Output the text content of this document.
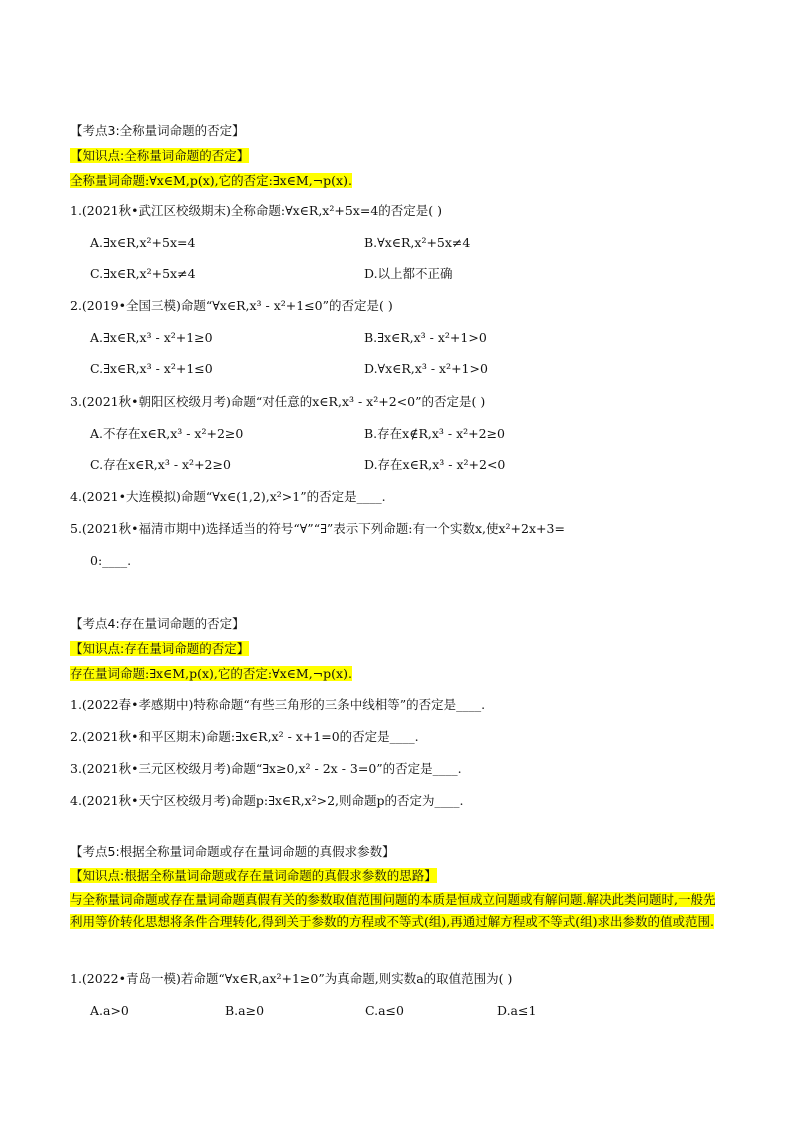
【考点3:全称量词命题的否定】
【知识点:全称量词命题的否定】
全称量词命题:∀x∈M,p(x),它的否定:∃x∈M,¬p(x).
1.(2021秋•武江区校级期末)全称命题:∀x∈R,x²+5x=4的否定是( )
A.∃x∈R,x²+5x=4	B.∀x∈R,x²+5x≠4
C.∃x∈R,x²+5x≠4	D.以上都不正确
2.(2019•全国三模)命题“∀x∈R,x³ - x²+1≤0”的否定是( )
A.∃x∈R,x³ - x²+1≥0	B.∃x∈R,x³ - x²+1>0
C.∃x∈R,x³ - x²+1≤0	D.∀x∈R,x³ - x²+1>0
3.(2021秋•朝阳区校级月考)命题“对任意的x∈R,x³ - x²+2<0”的否定是( )
A.不存在x∈R,x³ - x²+2≥0	B.存在x∉R,x³ - x²+2≥0
C.存在x∈R,x³ - x²+2≥0	D.存在x∈R,x³ - x²+2<0
4.(2021•大连模拟)命题“∀x∈(1,2),x²>1”的否定是____.
5.(2021秋•福清市期中)选择适当的符号“∀”“∃”表示下列命题:有一个实数x,使x²+2x+3=
0:____.
【考点4:存在量词命题的否定】
【知识点:存在量词命题的否定】
存在量词命题:∃x∈M,p(x),它的否定:∀x∈M,¬p(x).
1.(2022春•孝感期中)特称命题“有些三角形的三条中线相等”的否定是____.
2.(2021秋•和平区期末)命题:∃x∈R,x² - x+1=0的否定是____.
3.(2021秋•三元区校级月考)命题“∃x≥0,x² - 2x - 3=0”的否定是____.
4.(2021秋•天宁区校级月考)命题p:∃x∈R,x²>2,则命题p的否定为____.
【考点5:根据全称量词命题或存在量词命题的真假求参数】
【知识点:根据全称量词命题或存在量词命题的真假求参数的思路】
与全称量词命题或存在量词命题真假有关的参数取值范围问题的本质是恒成立问题或有解问题.解决此类问题时,一般先利用等价转化思想将条件合理转化,得到关于参数的方程或不等式(组),再通过解方程或不等式(组)求出参数的值或范围.
1.(2022•青岛一模)若命题“∀x∈R,ax²+1≥0”为真命题,则实数a的取值范围为( )
A.a>0	B.a≥0	C.a≤0	D.a≤1
